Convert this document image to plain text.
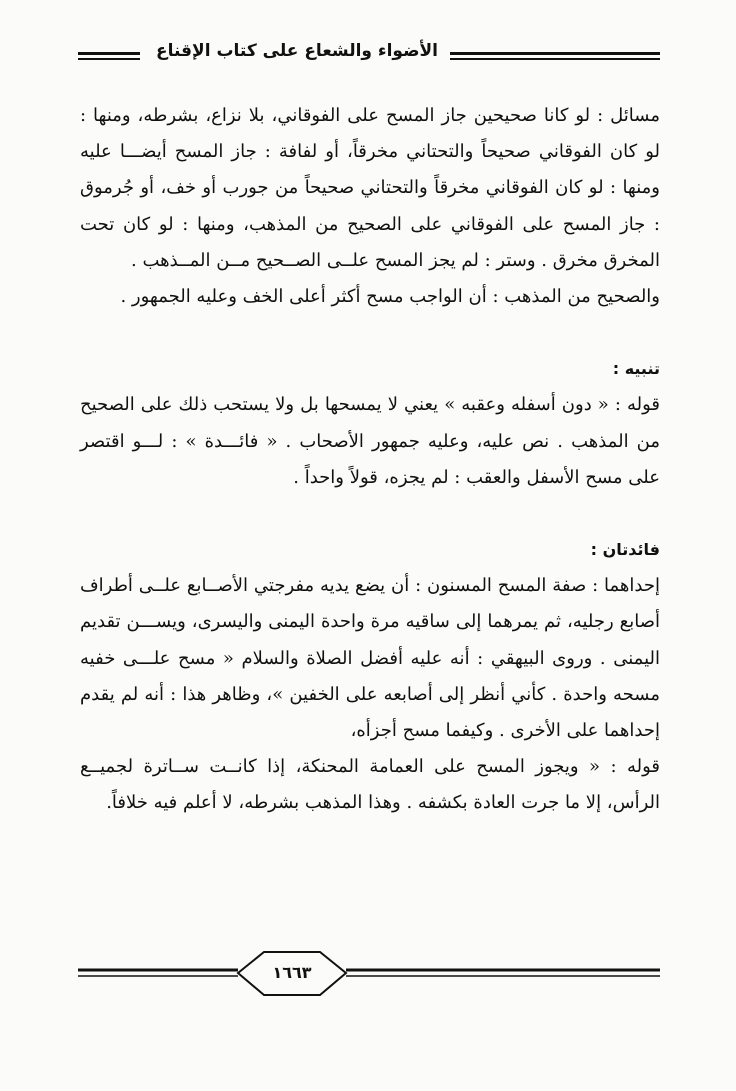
الأضواء والشعاع على كتاب الإقناع

مسائل : لو كانا صحيحين جاز المسح على الفوقاني، بلا نزاع، بشرطه، ومنها : لو كان الفوقاني صحيحاً والتحتاني مخرقاً، أو لفافة : جاز المسح أيضـــا عليه ومنها : لو كان الفوقاني مخرقاً والتحتاني صحيحاً من جورب أو خف، أو جُرموق : جاز المسح على الفوقاني على الصحيح من المذهب، ومنها : لو كان تحت المخرق مخرق . وستر : لم يجز المسح علــى الصــحيح مــن المــذهب .

والصحيح من المذهب : أن الواجب مسح أكثر أعلى الخف وعليه الجمهور .

تنبيه :

قوله : « دون أسفله وعقبه » يعني لا يمسحها بل ولا يستحب ذلك على الصحيح من المذهب . نص عليه، وعليه جمهور الأصحاب . « فائـــدة » : لـــو اقتصر على مسح الأسفل والعقب : لم يجزه، قولاً واحداً .

فائدتان :

إحداهما : صفة المسح المسنون : أن يضع يديه مفرجتي الأصــابع علــى أطراف أصابع رجليه، ثم يمرهما إلى ساقيه مرة واحدة اليمنى واليسرى، ويســـن تقديم اليمنى . وروى البيهقي : أنه عليه أفضل الصلاة والسلام « مسح علـــى خفيه مسحه واحدة . كأني أنظر إلى أصابعه على الخفين »، وظاهر هذا : أنه لم يقدم إحداهما على الأخرى . وكيفما مسح أجزأه،

قوله : « ويجوز المسح على العمامة المحنكة، إذا كانــت ســاترة لجميــع الرأس، إلا ما جرت العادة بكشفه . وهذا المذهب بشرطه، لا أعلم فيه خلافاً.

١٦٦٣
